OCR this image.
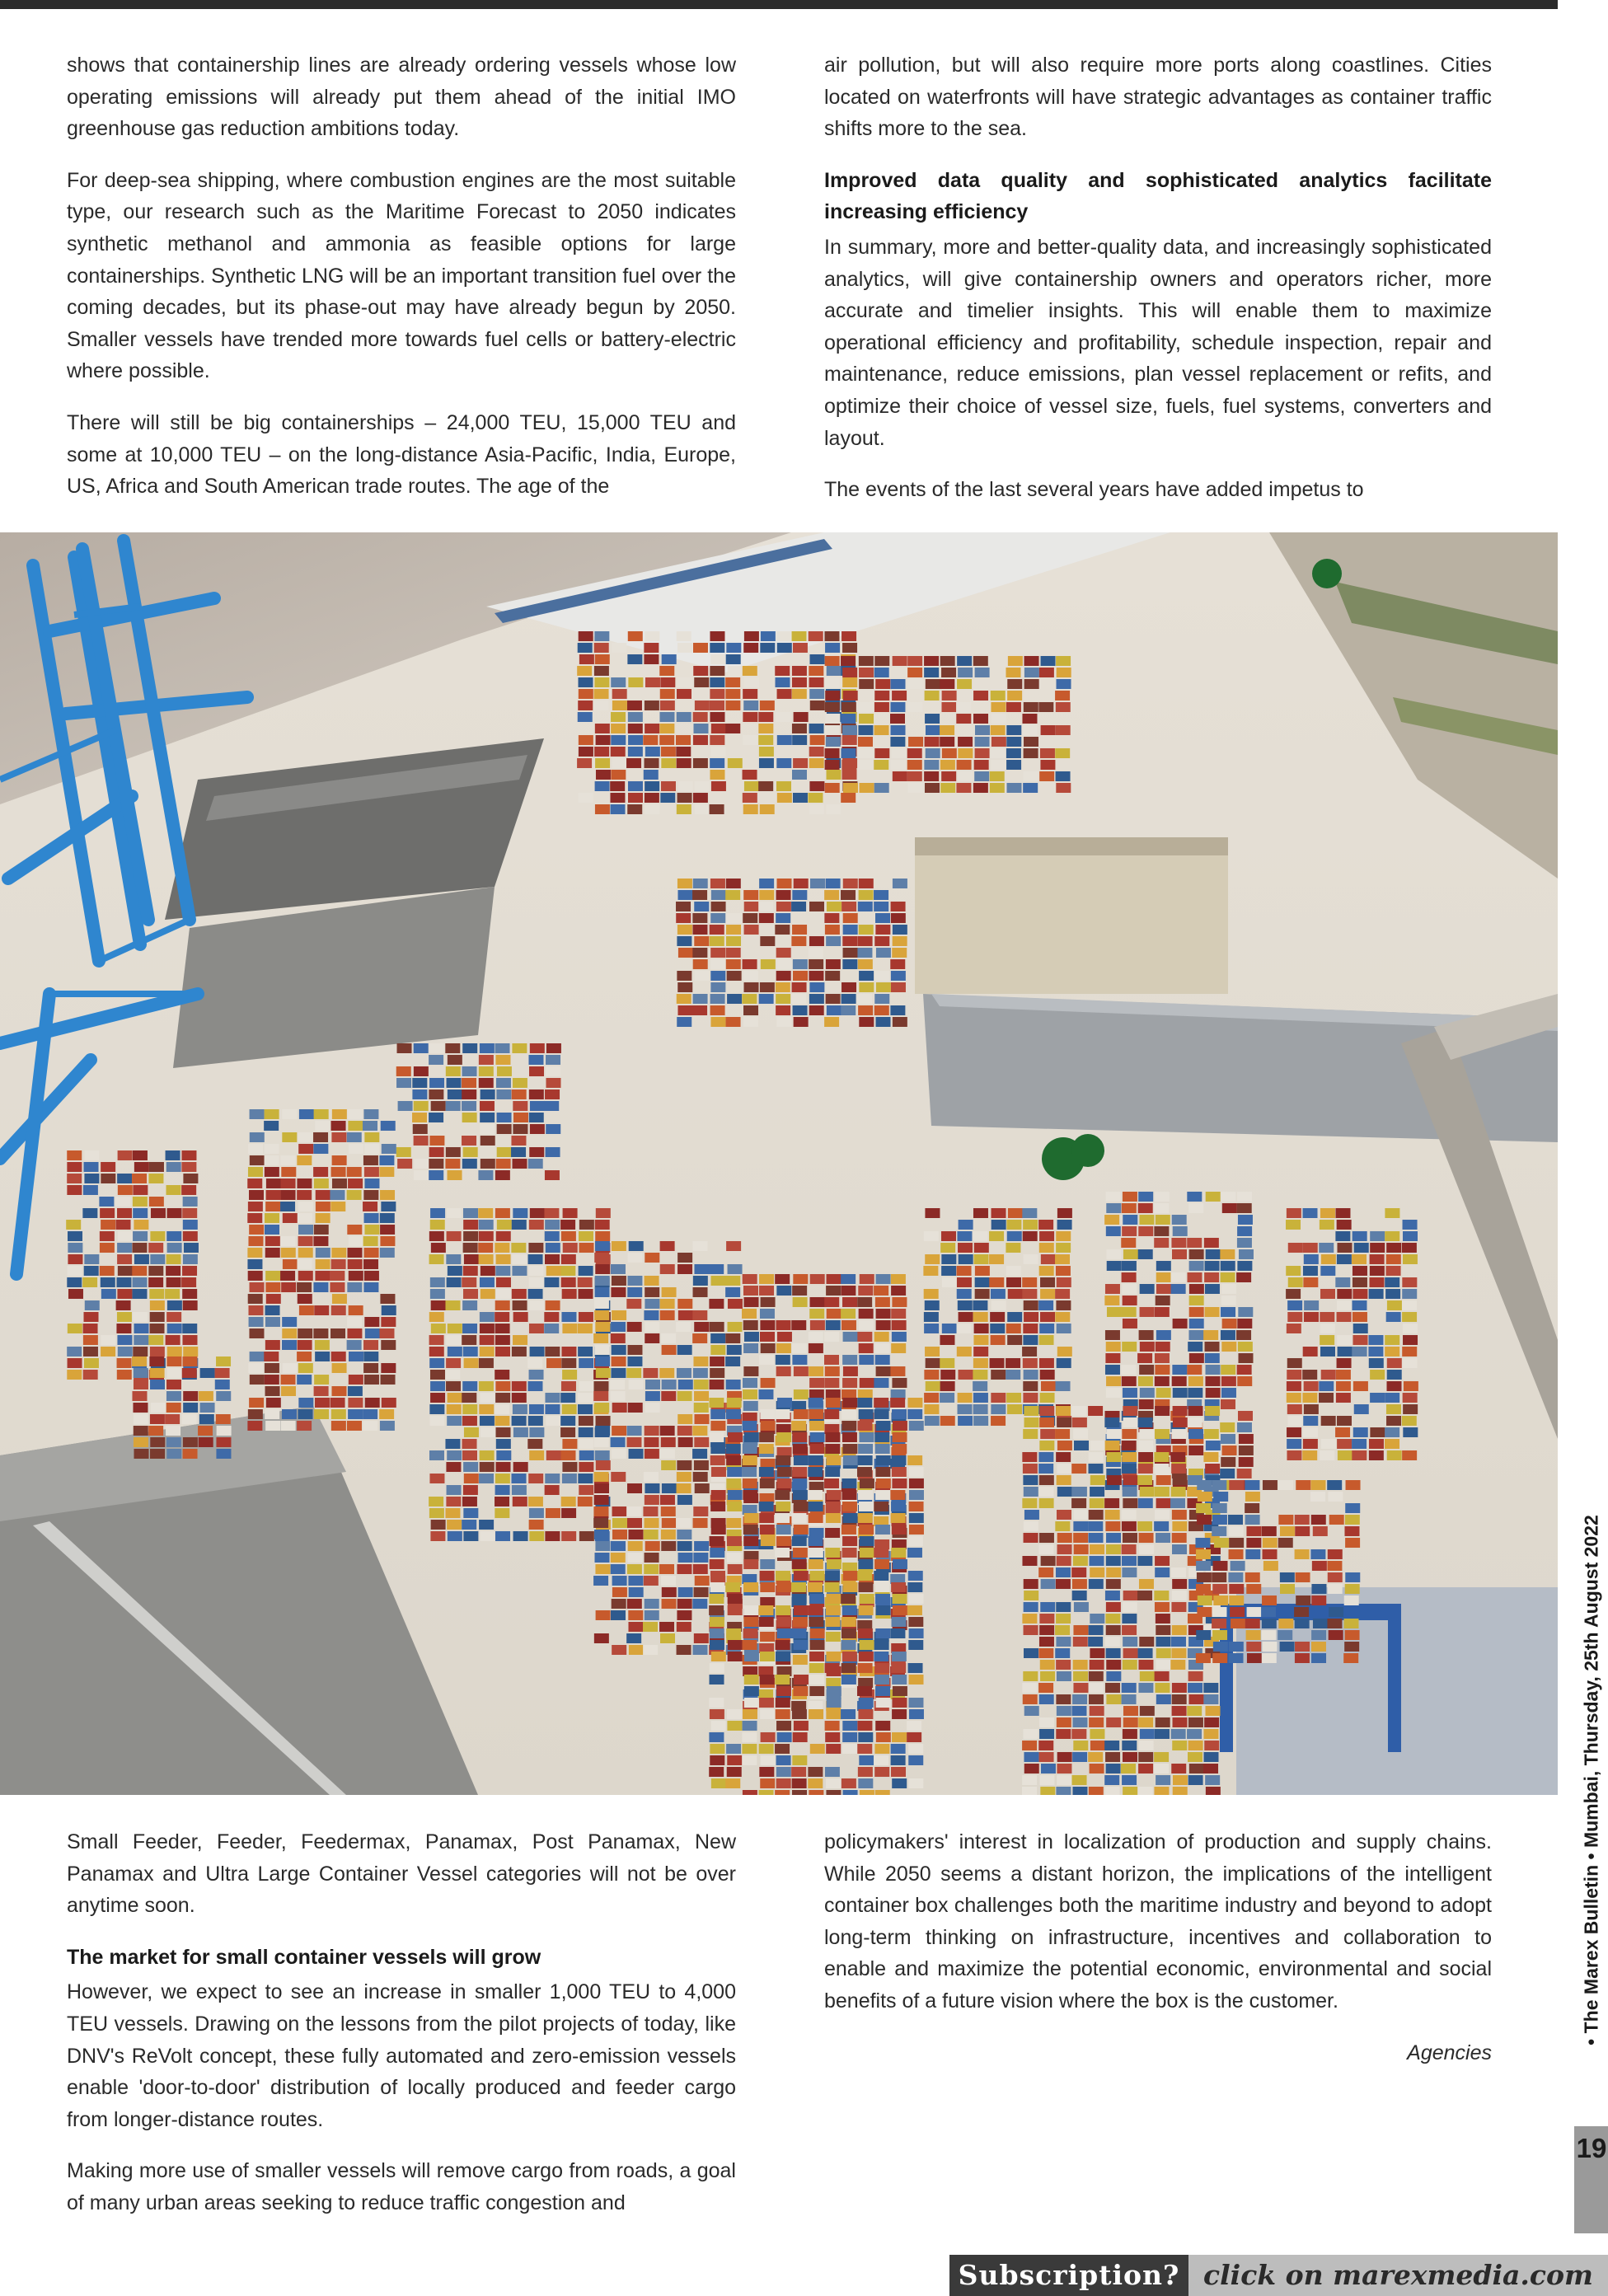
shows that containership lines are already ordering vessels whose low operating emissions will already put them ahead of the initial IMO greenhouse gas reduction ambitions today.

For deep-sea shipping, where combustion engines are the most suitable type, our research such as the Maritime Forecast to 2050 indicates synthetic methanol and ammonia as feasible options for large containerships. Synthetic LNG will be an important transition fuel over the coming decades, but its phase-out may have already begun by 2050. Smaller vessels have trended more towards fuel cells or battery-electric where possible.

There will still be big containerships – 24,000 TEU, 15,000 TEU and some at 10,000 TEU – on the long-distance Asia-Pacific, India, Europe, US, Africa and South American trade routes. The age of the

air pollution, but will also require more ports along coastlines. Cities located on waterfronts will have strategic advantages as container traffic shifts more to the sea.

Improved data quality and sophisticated analytics facilitate increasing efficiency

In summary, more and better-quality data, and increasingly sophisticated analytics, will give containership owners and operators richer, more accurate and timelier insights. This will enable them to maximize operational efficiency and profitability, schedule inspection, repair and maintenance, reduce emissions, plan vessel replacement or refits, and optimize their choice of vessel size, fuels, fuel systems, converters and layout.

The events of the last several years have added impetus to

Small Feeder, Feeder, Feedermax, Panamax, Post Panamax, New Panamax and Ultra Large Container Vessel categories will not be over anytime soon.

The market for small container vessels will grow

However, we expect to see an increase in smaller 1,000 TEU to 4,000 TEU vessels. Drawing on the lessons from the pilot projects of today, like DNV's ReVolt concept, these fully automated and zero-emission vessels enable 'door-to-door' distribution of locally produced and feeder cargo from longer-distance routes.

Making more use of smaller vessels will remove cargo from roads, a goal of many urban areas seeking to reduce traffic congestion and

policymakers' interest in localization of production and supply chains. While 2050 seems a distant horizon, the implications of the intelligent container box challenges both the maritime industry and beyond to adopt long-term thinking on infrastructure, incentives and collaboration to enable and maximize the potential economic, environmental and social benefits of a future vision where the box is the customer.

Agencies

• The Marex Bulletin • Mumbai, Thursday, 25th August 2022
19
Subscription? click on marexmedia.com
